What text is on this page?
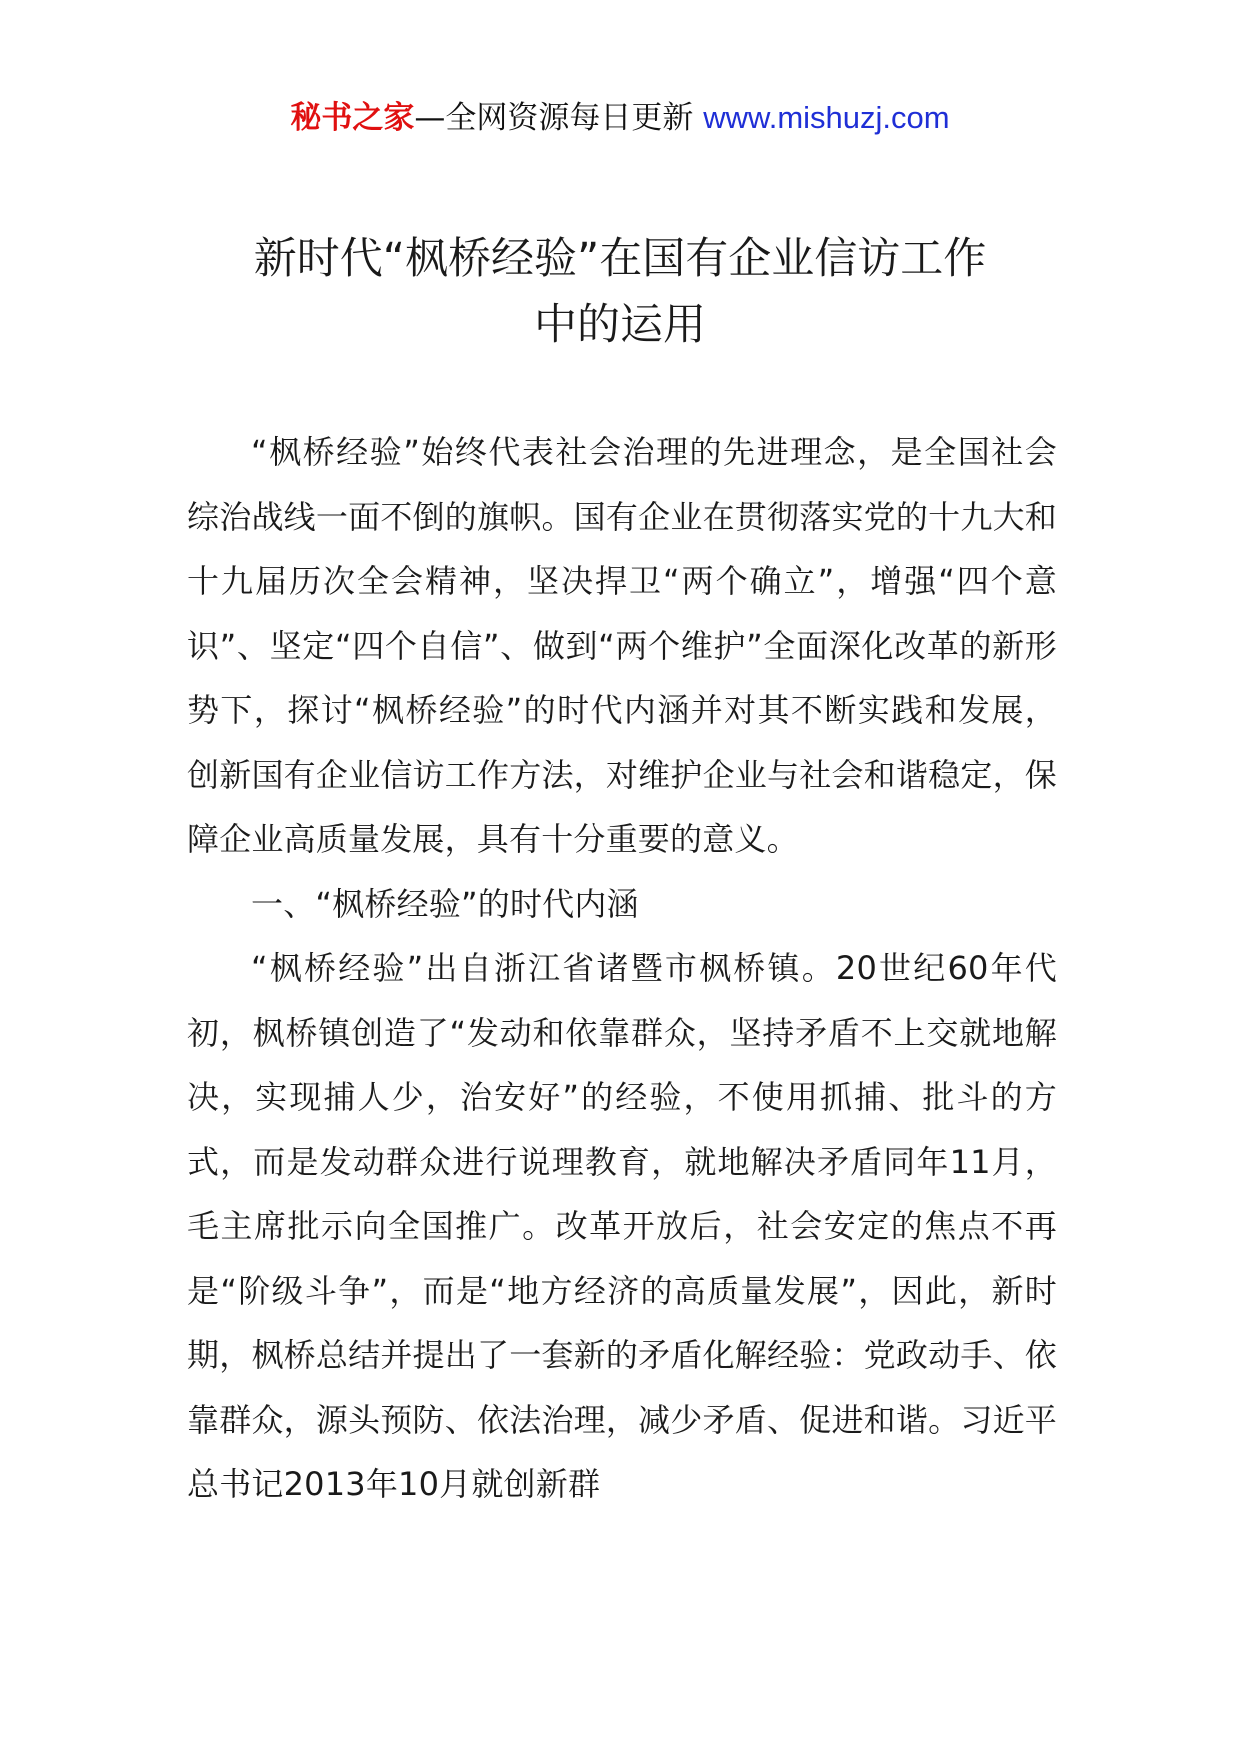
秘书之家—全网资源每日更新 www.mishuzj.com
新时代“枫桥经验”在国有企业信访工作
中的运用

“枫桥经验”始终代表社会治理的先进理念，是全国社会综治战线一面不倒的旗帜。国有企业在贯彻落实党的十九大和十九届历次全会精神，坚决捍卫“两个确立”，增强“四个意识”、坚定“四个自信”、做到“两个维护”全面深化改革的新形势下，探讨“枫桥经验”的时代内涵并对其不断实践和发展，创新国有企业信访工作方法，对维护企业与社会和谐稳定，保障企业高质量发展，具有十分重要的意义。

一、“枫桥经验”的时代内涵

“枫桥经验”出自浙江省诸暨市枫桥镇。20世纪60年代初，枫桥镇创造了“发动和依靠群众，坚持矛盾不上交就地解决，实现捕人少，治安好”的经验，不使用抓捕、批斗的方式，而是发动群众进行说理教育，就地解决矛盾同年11月，毛主席批示向全国推广。改革开放后，社会安定的焦点不再是“阶级斗争”，而是“地方经济的高质量发展”，因此，新时期，枫桥总结并提出了一套新的矛盾化解经验：党政动手、依靠群众，源头预防、依法治理，减少矛盾、促进和谐。习近平总书记2013年10月就创新群
